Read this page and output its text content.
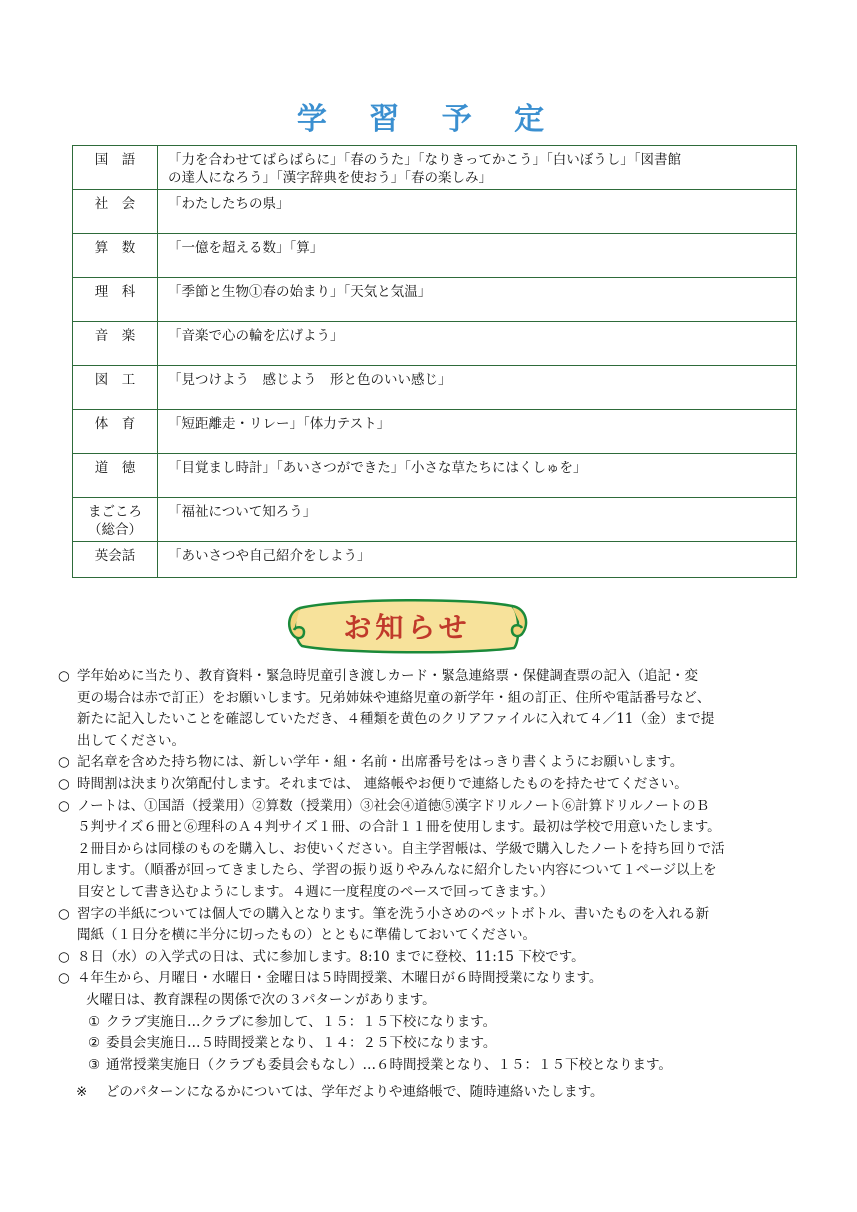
学 習 予 定
国　語	「力を合わせてばらばらに」「春のうた」「なりきってかこう」「白いぼうし」「図書館
の達人になろう」「漢字辞典を使おう」「春の楽しみ」
社　会	「わたしたちの県」
算　数	「一億を超える数」「算」
理　科	「季節と生物①春の始まり」「天気と気温」
音　楽	「音楽で心の輪を広げよう」
図　工	「見つけよう　感じよう　形と色のいい感じ」
体　育	「短距離走・リレー」「体力テスト」
道　徳	「目覚まし時計」「あいさつができた」「小さな草たちにはくしゅを」
まごころ
（総合）	「福祉について知ろう」
英会話	「あいさつや自己紹介をしよう」
お知らせ
○ 学年始めに当たり、教育資料・緊急時児童引き渡しカード・緊急連絡票・保健調査票の記入（追記・変
更の場合は赤で訂正）をお願いします。兄弟姉妹や連絡児童の新学年・組の訂正、住所や電話番号など、
新たに記入したいことを確認していただき、４種類を黄色のクリアファイルに入れて４／11（金）まで提
出してください。
○ 記名章を含めた持ち物には、新しい学年・組・名前・出席番号をはっきり書くようにお願いします。
○ 時間割は決まり次第配付します。それまでは、 連絡帳やお便りで連絡したものを持たせてください。
○ ノートは、①国語（授業用）②算数（授業用）③社会④道徳⑤漢字ドリルノート⑥計算ドリルノートのＢ
５判サイズ６冊と⑥理科のＡ４判サイズ１冊、の合計１１冊を使用します。最初は学校で用意いたします。
２冊目からは同様のものを購入し、お使いください。自主学習帳は、学級で購入したノートを持ち回りで活
用します。（順番が回ってきましたら、学習の振り返りやみんなに紹介したい内容について１ページ以上を
目安として書き込むようにします。４週に一度程度のペースで回ってきます。）
○ 習字の半紙については個人での購入となります。筆を洗う小さめのペットボトル、書いたものを入れる新
聞紙（１日分を横に半分に切ったもの）とともに準備しておいてください。
○ ８日（水）の入学式の日は、式に参加します。8:10 までに登校、11:15 下校です。
○ ４年生から、月曜日・水曜日・金曜日は５時間授業、木曜日が６時間授業になります。
火曜日は、教育課程の関係で次の３パターンがあります。
① クラブ実施日…クラブに参加して、１５：１５下校になります。
② 委員会実施日…５時間授業となり、１４：２５下校になります。
③ 通常授業実施日（クラブも委員会もなし）…６時間授業となり、１５：１５下校となります。
※ どのパターンになるかについては、学年だよりや連絡帳で、随時連絡いたします。
